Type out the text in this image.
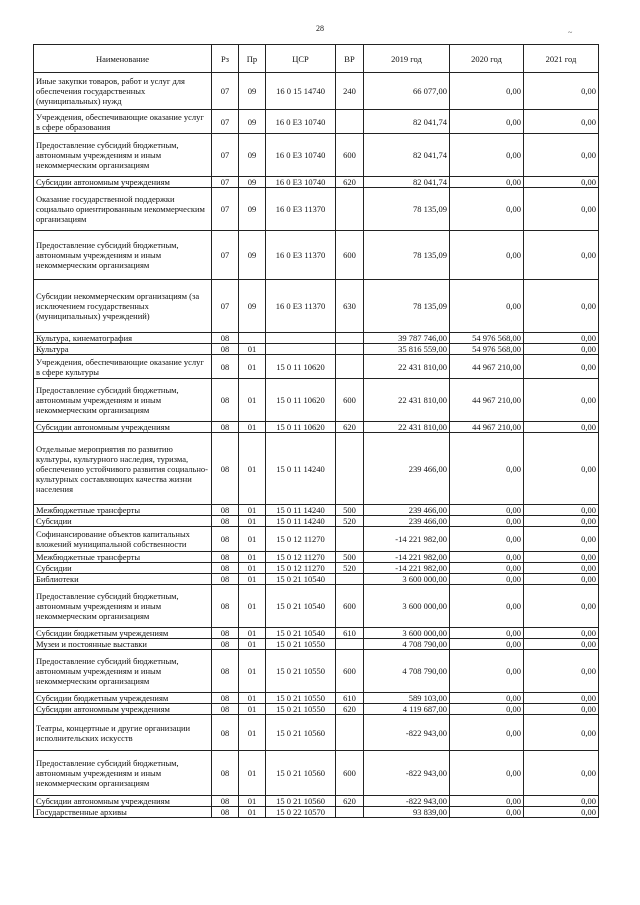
28	~
Наименование	Рз	Пр	ЦСР	ВР	2019 год	2020 год	2021 год
Иные закупки товаров, работ и услуг для обеспечения государственных (муниципальных) нужд	07	09	16 0 15 14740	240	66 077,00	0,00	0,00
Учреждения, обеспечивающие оказание услуг в сфере образования	07	09	16 0 Е3 10740		82 041,74	0,00	0,00
Предоставление субсидий бюджетным, автономным учреждениям и иным некоммерческим организациям	07	09	16 0 Е3 10740	600	82 041,74	0,00	0,00
Субсидии автономным учреждениям	07	09	16 0 Е3 10740	620	82 041,74	0,00	0,00
Оказание государственной поддержки социально ориентированным некоммерческим организациям	07	09	16 0 Е3 11370		78 135,09	0,00	0,00
Предоставление субсидий бюджетным, автономным учреждениям и иным некоммерческим организациям	07	09	16 0 Е3 11370	600	78 135,09	0,00	0,00
Субсидии некоммерческим организациям (за исключением государственных (муниципальных) учреждений)	07	09	16 0 Е3 11370	630	78 135,09	0,00	0,00
Культура, кинематография	08				39 787 746,00	54 976 568,00	0,00
Культура	08	01			35 816 559,00	54 976 568,00	0,00
Учреждения, обеспечивающие оказание услуг в сфере культуры	08	01	15 0 11 10620		22 431 810,00	44 967 210,00	0,00
Предоставление субсидий бюджетным, автономным учреждениям и иным некоммерческим организациям	08	01	15 0 11 10620	600	22 431 810,00	44 967 210,00	0,00
Субсидии автономным учреждениям	08	01	15 0 11 10620	620	22 431 810,00	44 967 210,00	0,00
Отдельные мероприятия по развитию культуры, культурного наследия, туризма, обеспечению устойчивого развития социально-культурных составляющих качества жизни населения	08	01	15 0 11 14240		239 466,00	0,00	0,00
Межбюджетные трансферты	08	01	15 0 11 14240	500	239 466,00	0,00	0,00
Субсидии	08	01	15 0 11 14240	520	239 466,00	0,00	0,00
Софинансирование объектов капитальных вложений муниципальной собственности	08	01	15 0 12 11270		-14 221 982,00	0,00	0,00
Межбюджетные трансферты	08	01	15 0 12 11270	500	-14 221 982,00	0,00	0,00
Субсидии	08	01	15 0 12 11270	520	-14 221 982,00	0,00	0,00
Библиотеки	08	01	15 0 21 10540		3 600 000,00	0,00	0,00
Предоставление субсидий бюджетным, автономным учреждениям и иным некоммерческим организациям	08	01	15 0 21 10540	600	3 600 000,00	0,00	0,00
Субсидии бюджетным учреждениям	08	01	15 0 21 10540	610	3 600 000,00	0,00	0,00
Музеи и постоянные выставки	08	01	15 0 21 10550		4 708 790,00	0,00	0,00
Предоставление субсидий бюджетным, автономным учреждениям и иным некоммерческим организациям	08	01	15 0 21 10550	600	4 708 790,00	0,00	0,00
Субсидии бюджетным учреждениям	08	01	15 0 21 10550	610	589 103,00	0,00	0,00
Субсидии автономным учреждениям	08	01	15 0 21 10550	620	4 119 687,00	0,00	0,00
Театры, концертные и другие организации исполнительских искусств	08	01	15 0 21 10560		-822 943,00	0,00	0,00
Предоставление субсидий бюджетным, автономным учреждениям и иным некоммерческим организациям	08	01	15 0 21 10560	600	-822 943,00	0,00	0,00
Субсидии автономным учреждениям	08	01	15 0 21 10560	620	-822 943,00	0,00	0,00
Государственные архивы	08	01	15 0 22 10570		93 839,00	0,00	0,00
